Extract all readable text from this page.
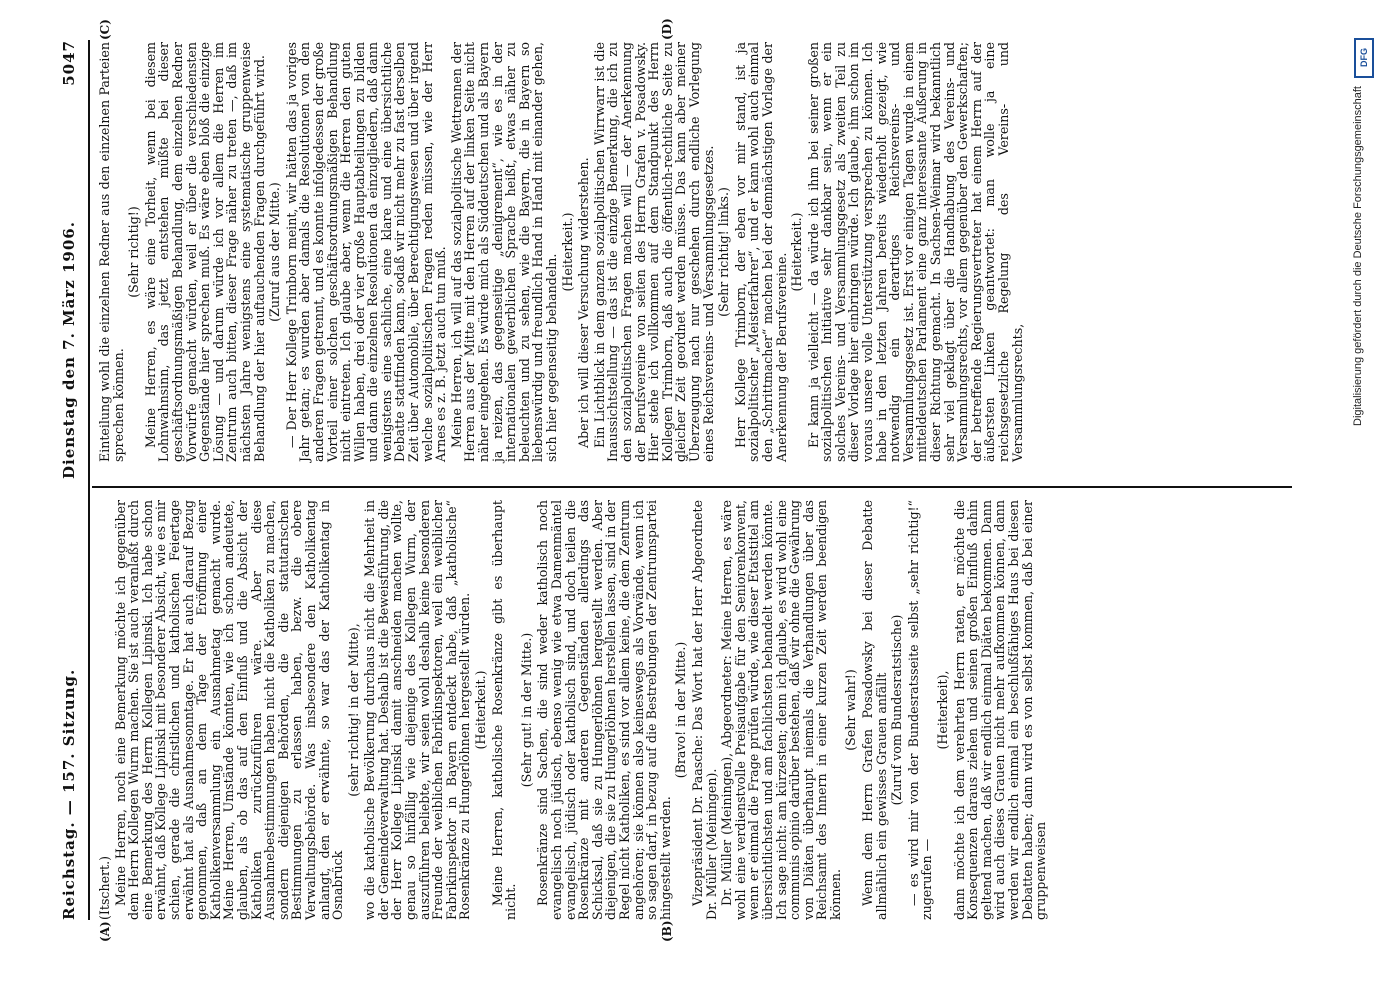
Reichstag. — 157. Sitzung.
Dienstag den 7. März 1906.
5047
(A)	(B)
(C)	(D)

(Itschert.) Meine Herren, noch eine Bemerkung möchte ich gegenüber dem Herrn Kollegen Wurm machen. Sie ist auch veranlaßt durch eine Bemerkung des Herrn Kollegen Lipinski. Ich habe schon erwähnt, daß Kollege Lipinski mit besonderer Absicht, wie es mir schien, gerade die christlichen und katholischen Feiertage erwähnt hat als Ausnahmesonntage. Er hat auch darauf Bezug genommen, daß an dem Tage der Eröffnung einer Katholikenversammlung ein Ausnahmetag gemacht wurde. Meine Herren, Umstände könnten, wie ich schon andeutete, glauben, als ob das auf den Einfluß und die Absicht der Katholiken zurückzuführen wäre. Aber diese Ausnahmebestimmungen haben nicht die Katholiken zu machen, sondern diejenigen Behörden, die die statutarischen Bestimmungen zu erlassen haben, bezw. die obere Verwaltungsbehörde. Was insbesondere den Katholikentag anlangt, den er erwähnte, so war das der Katholikentag in Osnabrück

(sehr richtig! in der Mitte), wo die katholische Bevölkerung durchaus nicht die Mehrheit in der Gemeindeverwaltung hat. Deshalb ist die Beweisführung, die der Herr Kollege Lipinski damit anschneiden machen wollte, genau so hinfällig wie diejenige des Kollegen Wurm, der auszuführen beliebte, wir seien wohl deshalb keine besonderen Freunde der weiblichen Fabrikinspektoren, weil ein weiblicher Fabrikinspektor in Bayern entdeckt habe, daß „katholische“ Rosenkränze zu Hungerlöhnen hergestellt würden. (Heiterkeit.) Meine Herren, katholische Rosenkränze gibt es überhaupt nicht.

(Sehr gut! in der Mitte.) Rosenkränze sind Sachen, die sind weder katholisch noch evangelisch noch jüdisch, ebenso wenig wie etwa Damenmäntel evangelisch, jüdisch oder katholisch sind, und doch teilen die Rosenkränze mit anderen Gegenständen allerdings das Schicksal, daß sie zu Hungerlöhnen hergestellt werden. Aber diejenigen, die sie zu Hungerlöhnen herstellen lassen, sind in der Regel nicht Katholiken, es sind vor allem keine, die dem Zentrum angehören; sie können also keineswegs als Vorwände, wenn ich so sagen darf, in bezug auf die Bestrebungen der Zentrumspartei hingestellt werden.

(Bravo! in der Mitte.) Vizepräsident Dr. Paasche: Das Wort hat der Herr Abgeordnete Dr. Müller (Meiningen). Dr. Müller (Meiningen), Abgeordneter: Meine Herren, es wäre wohl eine verdienstvolle Preisaufgabe für den Seniorenkonvent, wenn er einmal die Frage prüfen würde, wie dieser Etatstitel am übersichtlichsten und am fachlichsten behandelt werden könnte. Ich sage nicht: am kürzesten; denn ich glaube, es wird wohl eine communis opinio darüber bestehen, daß wir ohne die Gewährung von Diäten überhaupt niemals die Verhandlungen über das Reichsamt des Innern in einer kurzen Zeit werden beendigen können.

(Sehr wahr!) Wenn dem Herrn Grafen Posadowsky bei dieser Debatte allmählich ein gewisses Grauen anfällt (Zuruf vom Bundesratstische) — es wird mir von der Bundesratsseite selbst „sehr richtig!“ zugerufen —

(Heiterkeit), dann möchte ich dem verehrten Herrn raten, er möchte die Konsequenzen daraus ziehen und seinen großen Einfluß dahin geltend machen, daß wir endlich einmal Diäten bekommen. Dann wird auch dieses Grauen nicht mehr aufkommen können, dann werden wir endlich einmal ein beschlußfähiges Haus bei diesen Debatten haben; dann wird es von selbst kommen, daß bei einer gruppenweisen

Einteilung wohl die einzelnen Redner aus den einzelnen Parteien sprechen können.

(Sehr richtig!) Meine Herren, es wäre eine Torheit, wenn bei diesem Lohnwahnsinn, das jetzt entstehen müßte bei dieser geschäftsordnungsmäßigen Behandlung, dem einzelnen Redner Vorwürfe gemacht würden, weil er über die verschiedensten Gegenstände hier sprechen muß. Es wäre eben bloß die einzige Lösung — und darum würde ich vor allem die Herren im Zentrum auch bitten, dieser Frage näher zu treten —, daß im nächsten Jahre wenigstens eine systematische gruppenweise Behandlung der hier auftauchenden Fragen durchgeführt wird. (Zuruf aus der Mitte.) — Der Herr Kollege Trimborn meint, wir hätten das ja voriges Jahr getan; es wurden aber damals die Resolutionen von den anderen Fragen getrennt, und es konnte infolgedessen der große Vorteil einer solchen geschäftsordnungsmäßigen Behandlung nicht eintreten. Ich glaube aber, wenn die Herren den guten Willen haben, drei oder vier große Hauptabteilungen zu bilden und dann die einzelnen Resolutionen da einzugliedern, daß dann wenigstens eine sachliche, eine klare und eine übersichtliche Debatte stattfinden kann, sodaß wir nicht mehr zu fast derselben Zeit über Automobile, über Berechtigungswesen und über irgend welche sozialpolitischen Fragen reden müssen, wie der Herr Arnes es z. B. jetzt auch tun muß. Meine Herren, ich will auf das sozialpolitische Wettrennen der Herren aus der Mitte mit den Herren auf der linken Seite nicht näher eingehen. Es würde mich als Süddeutschen und als Bayern ja reizen, das gegenseitige „denigrement“, wie es in der internationalen gewerblichen Sprache heißt, etwas näher zu beleuchten und zu sehen, wie die Bayern, die in Bayern so liebenswürdig und freundlich Hand in Hand mit einander gehen, sich hier gegenseitig behandeln.

(Heiterkeit.) Aber ich will dieser Versuchung widerstehen. Ein Lichtblick in dem ganzen sozialpolitischen Wirrwarr ist die Inaussichtstellung — das ist die einzige Bemerkung, die ich zu den sozialpolitischen Fragen machen will — der Anerkennung der Berufsvereine von seiten des Herrn Grafen v. Posadowsky. Hier stehe ich vollkommen auf dem Standpunkt des Herrn Kollegen Trimborn, daß auch die öffentlich-rechtliche Seite zu gleicher Zeit geordnet werden müsse. Das kann aber meiner Überzeugung nach nur geschehen durch endliche Vorlegung eines Reichsvereins- und Versammlungsgesetzes. (Sehr richtig! links.) Herr Kollege Trimborn, der eben vor mir stand, ist ja sozialpolitischer „Meisterfahrer“, und er kann wohl auch einmal den „Schrittmacher“ machen bei der demnächstigen Vorlage der Anerkennung der Berufsvereine.

(Heiterkeit.) Er kann ja vielleicht — da würde ich ihm bei seiner großen sozialpolitischen Initiative sehr dankbar sein, wenn er ein solches Vereins- und Versammlungsgesetz als zweiten Teil zu dieser Vorlage hier einbringen würde. Ich glaube, ihm schon im voraus unsere volle Unterstützung versprechen zu können. Ich habe in den letzten Jahren bereits wiederholt gezeigt, wie notwendig ein derartiges Reichsvereins- und Versammlungsgesetz ist. Erst vor einigen Tagen wurde in einem mitteldeutschen Parlament eine ganz interessante Äußerung in dieser Richtung gemacht. In Sachsen-Weimar wird bekanntlich sehr viel geklagt über die Handhabung des Vereins- und Versammlungsrechts, vor allem gegenüber den Gewerkschaften; der betreffende Regierungsvertreter hat einem Herrn auf der äußersten Linken geantwortet: man wolle ja eine reichsgesetzliche Regelung des Vereins- und Versammlungsrechts,

DFG
Digitalisierung gefördert durch die Deutsche Forschungsgemeinschaft
